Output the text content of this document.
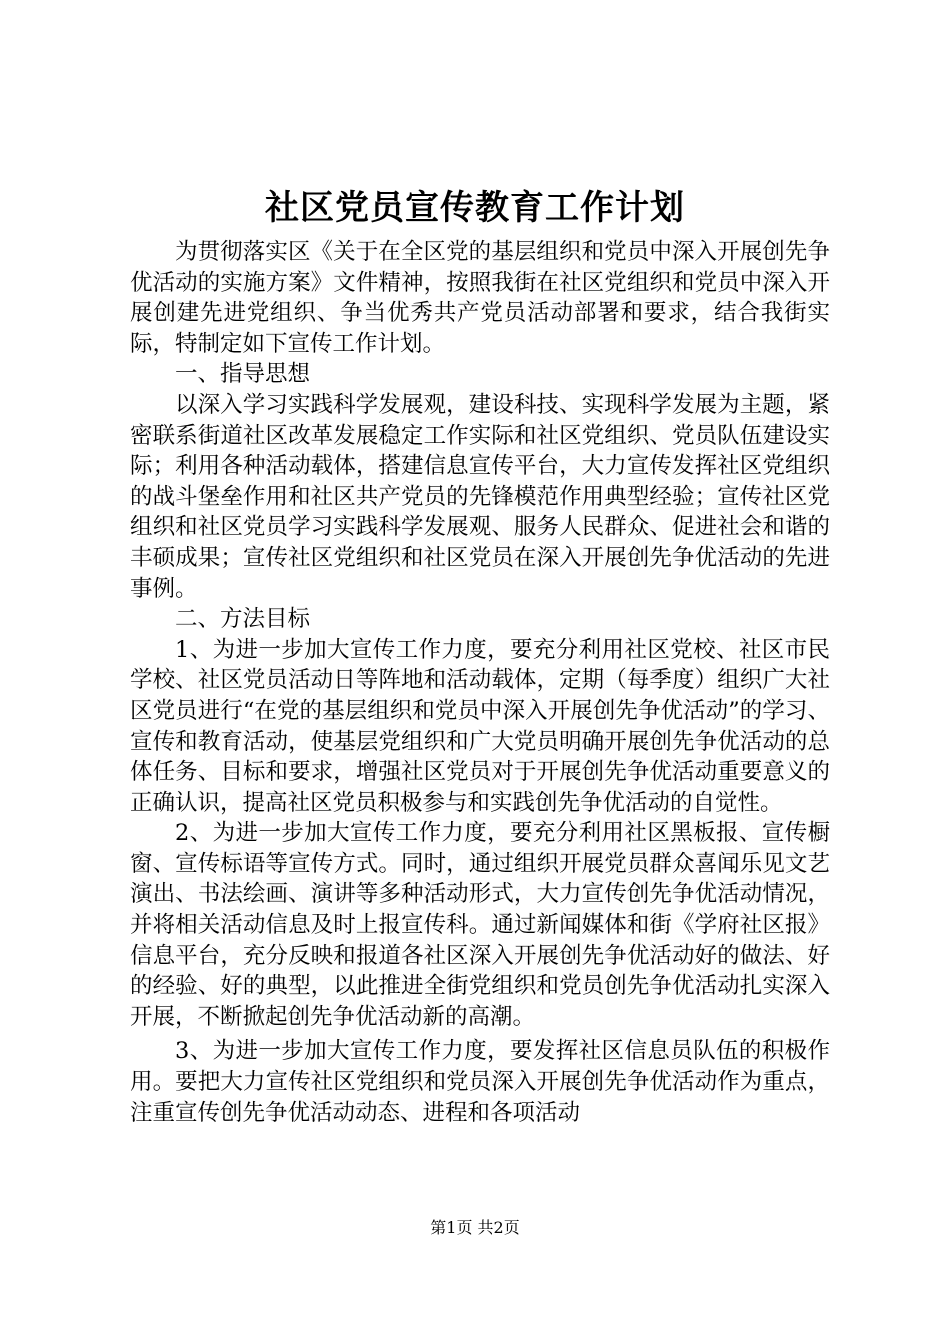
社区党员宣传教育工作计划

为贯彻落实区《关于在全区党的基层组织和党员中深入开展创先争优活动的实施方案》文件精神，按照我街在社区党组织和党员中深入开展创建先进党组织、争当优秀共产党员活动部署和要求，结合我街实际，特制定如下宣传工作计划。

一、指导思想

以深入学习实践科学发展观，建设科技、实现科学发展为主题，紧密联系街道社区改革发展稳定工作实际和社区党组织、党员队伍建设实际；利用各种活动载体，搭建信息宣传平台，大力宣传发挥社区党组织的战斗堡垒作用和社区共产党员的先锋模范作用典型经验；宣传社区党组织和社区党员学习实践科学发展观、服务人民群众、促进社会和谐的丰硕成果；宣传社区党组织和社区党员在深入开展创先争优活动的先进事例。

二、方法目标

1、为进一步加大宣传工作力度，要充分利用社区党校、社区市民学校、社区党员活动日等阵地和活动载体，定期（每季度）组织广大社区党员进行“在党的基层组织和党员中深入开展创先争优活动”的学习、宣传和教育活动，使基层党组织和广大党员明确开展创先争优活动的总体任务、目标和要求，增强社区党员对于开展创先争优活动重要意义的正确认识，提高社区党员积极参与和实践创先争优活动的自觉性。

2、为进一步加大宣传工作力度，要充分利用社区黑板报、宣传橱窗、宣传标语等宣传方式。同时，通过组织开展党员群众喜闻乐见文艺演出、书法绘画、演讲等多种活动形式，大力宣传创先争优活动情况，并将相关活动信息及时上报宣传科。通过新闻媒体和街《学府社区报》信息平台，充分反映和报道各社区深入开展创先争优活动好的做法、好的经验、好的典型，以此推进全街党组织和党员创先争优活动扎实深入开展，不断掀起创先争优活动新的高潮。

3、为进一步加大宣传工作力度，要发挥社区信息员队伍的积极作用。要把大力宣传社区党组织和党员深入开展创先争优活动作为重点，注重宣传创先争优活动动态、进程和各项活动

第1页 共2页
